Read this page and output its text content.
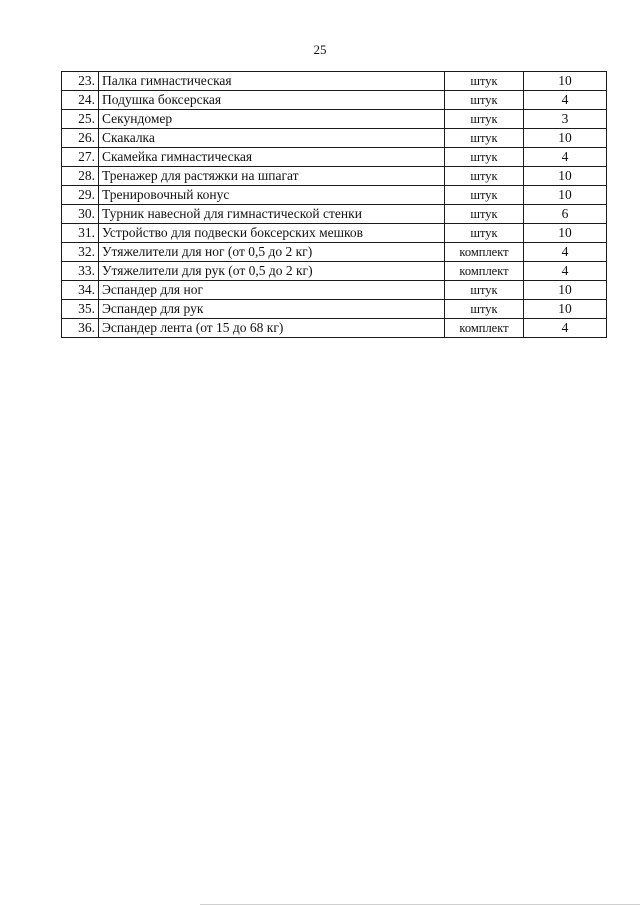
25
23.	Палка гимнастическая	штук	10
24.	Подушка боксерская	штук	4
25.	Секундомер	штук	3
26.	Скакалка	штук	10
27.	Скамейка гимнастическая	штук	4
28.	Тренажер для растяжки на шпагат	штук	10
29.	Тренировочный конус	штук	10
30.	Турник навесной для гимнастической стенки	штук	6
31.	Устройство для подвески боксерских мешков	штук	10
32.	Утяжелители для ног (от 0,5 до 2 кг)	комплект	4
33.	Утяжелители для рук (от 0,5 до 2 кг)	комплект	4
34.	Эспандер для ног	штук	10
35.	Эспандер для рук	штук	10
36.	Эспандер лента (от 15 до 68 кг)	комплект	4
